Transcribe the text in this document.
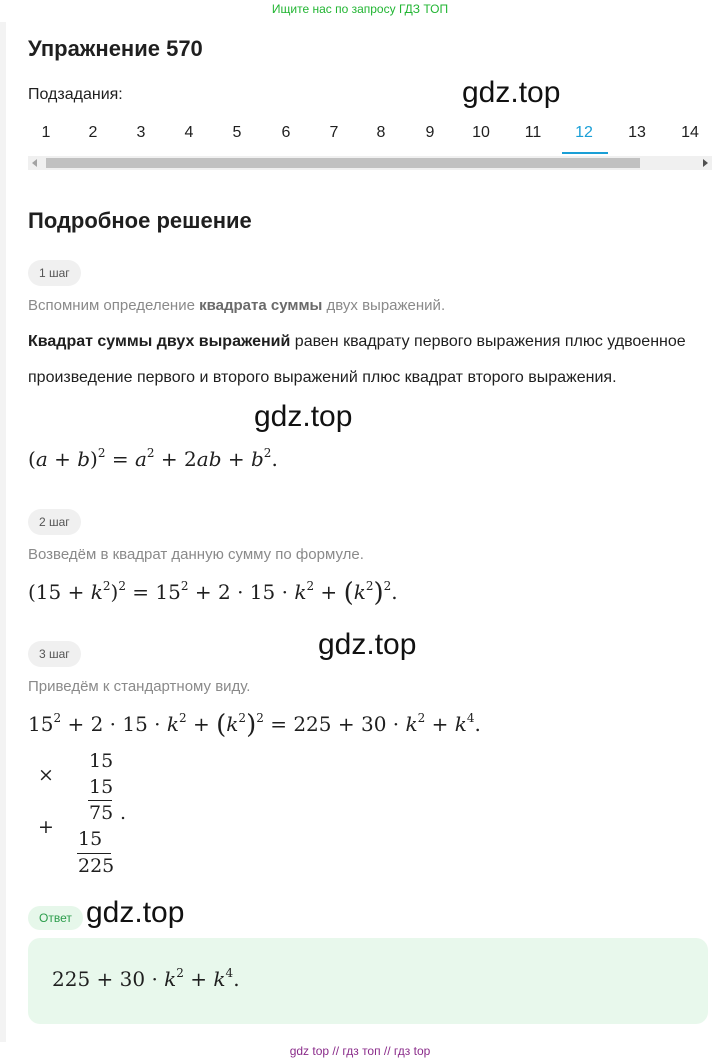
Ищите нас по запросу ГДЗ ТОП
Упражнение 570
Подзадания:	gdz.top
1	2	3	4	5	6	7	8	9	10	11	12	13	14
Подробное решение
1 шаг
Вспомним определение квадрата суммы двух выражений.
Квадрат суммы двух выражений равен квадрату первого выражения плюс удвоенное произведение первого и второго выражений плюс квадрат второго выражения.
gdz.top
$(a + b)^2 = a^2 + 2ab + b^2$.
2 шаг
Возведём в квадрат данную сумму по формуле.
$(15 + k^2)^2 = 15^2 + 2 \cdot 15 \cdot k^2 + (k^2)^2$.
gdz.top
3 шаг
Приведём к стандартному виду.
$15^2 + 2 \cdot 15 \cdot k^2 + (k^2)^2 = 225 + 30 \cdot k^2 + k^4$.
×
15
15
75 .
+
15
225
Ответ gdz.top
$225 + 30 \cdot k^2 + k^4$.
gdz top // гдз топ // гдз top
